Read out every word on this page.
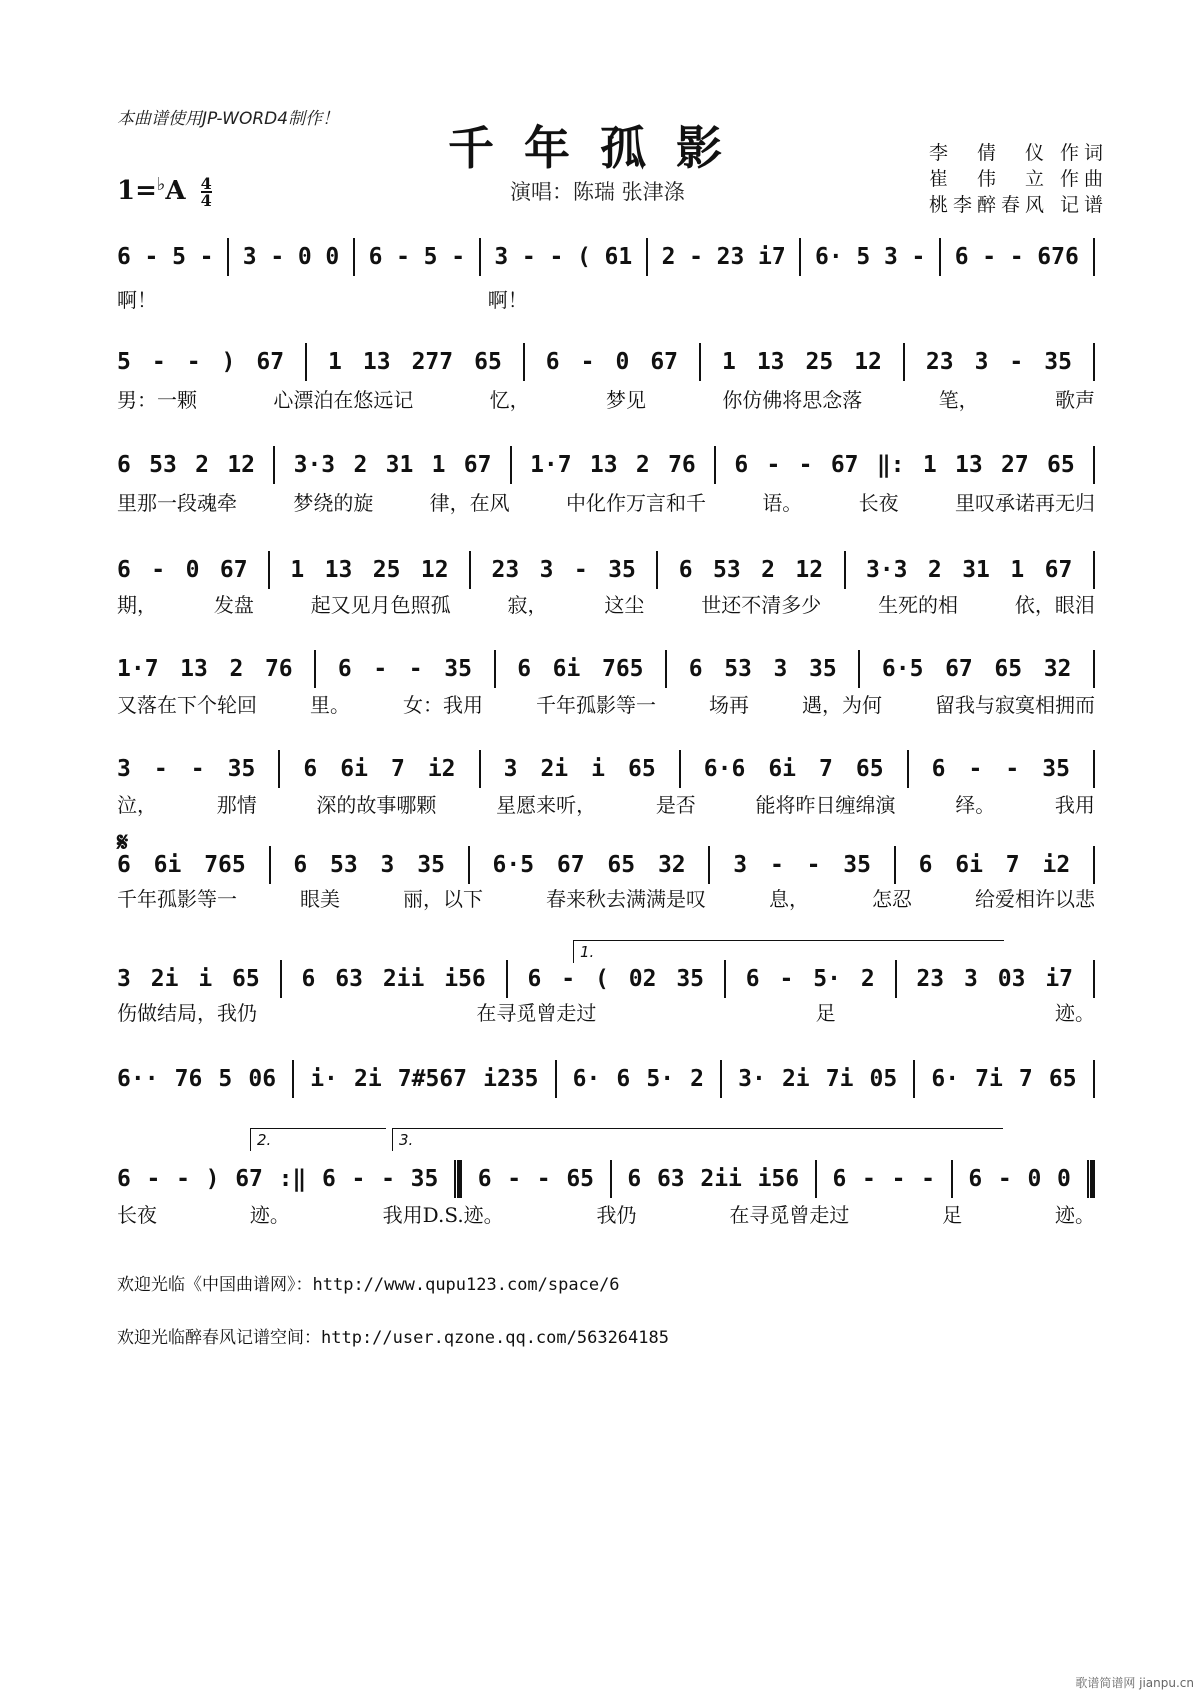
本曲谱使用JP-WORD4制作！
千年孤影	李　倩　仪 作词
崔　伟　立 作曲
桃李醉春风 记谱
$1=^♭A \frac{4}{4}$	演唱：陈瑞 张津涤
𝄋
1.
2.	3.
6 - 5 - 3 - 0 0 6 - 5 - 3 - - ( 61 2 - 23 i7 6· 5 3 - 6 - - 676
啊！	啊！
5 - - ) 67 1 13 277 65 6 - 0 67 1 13 25 12 23 3 - 35
男：一颗	心漂泊在悠远记	忆，	梦见	你仿佛将思念落	笔，	歌声
6 53 2 12 3·3 2 31 1 67 1·7 13 2 76 6 - - 67 ‖: 1 13 27 65
里那一段魂牵	梦绕的旋	律，在风	中化作万言和千	语。	长夜	里叹承诺再无归
6 - 0 67 1 13 25 12 23 3 - 35 6 53 2 12 3·3 2 31 1 67
期，	发盘	起又见月色照孤	寂，	这尘	世还不清多少	生死的相	依，眼泪
1·7 13 2 76 6 - - 35 6 6i 765 6 53 3 35 6·5 67 65 32
又落在下个轮回	里。	女：我用	千年孤影等一	场再	遇，为何	留我与寂寞相拥而
3 - - 35 6 6i 7 i2 3 2i i 65 6·6 6i 7 65 6 - - 35
泣，	那情	深的故事哪颗	星愿来听，	是否	能将昨日缠绵演	绎。	我用
6 6i 765 6 53 3 35 6·5 67 65 32 3 - - 35 6 6i 7 i2
千年孤影等一	眼美	丽，以下	春来秋去满满是叹	息，	怎忍	给爱相许以悲
3 2i i 65 6 63 2ii i56 6 - ( 02 35 6 - 5· 2 23 3 03 i7
伤做结局，我仍	在寻觅曾走过	足	迹。
6·· 76 5 06 i· 2i 7#567 i235 6· 6 5· 2 3· 2i 7i 05 6· 7i 7 65
6 - - ) 67 :‖ 6 - - 35 6 - - 65 6 63 2ii i56 6 - - - 6 - 0 0
长夜	迹。	我用D.S.迹。	我仍	在寻觅曾走过	足	迹。
欢迎光临《中国曲谱网》：http://www.qupu123.com/space/6
欢迎光临醉春风记谱空间：http://user.qzone.qq.com/563264185
歌谱简谱网 jianpu.cn
